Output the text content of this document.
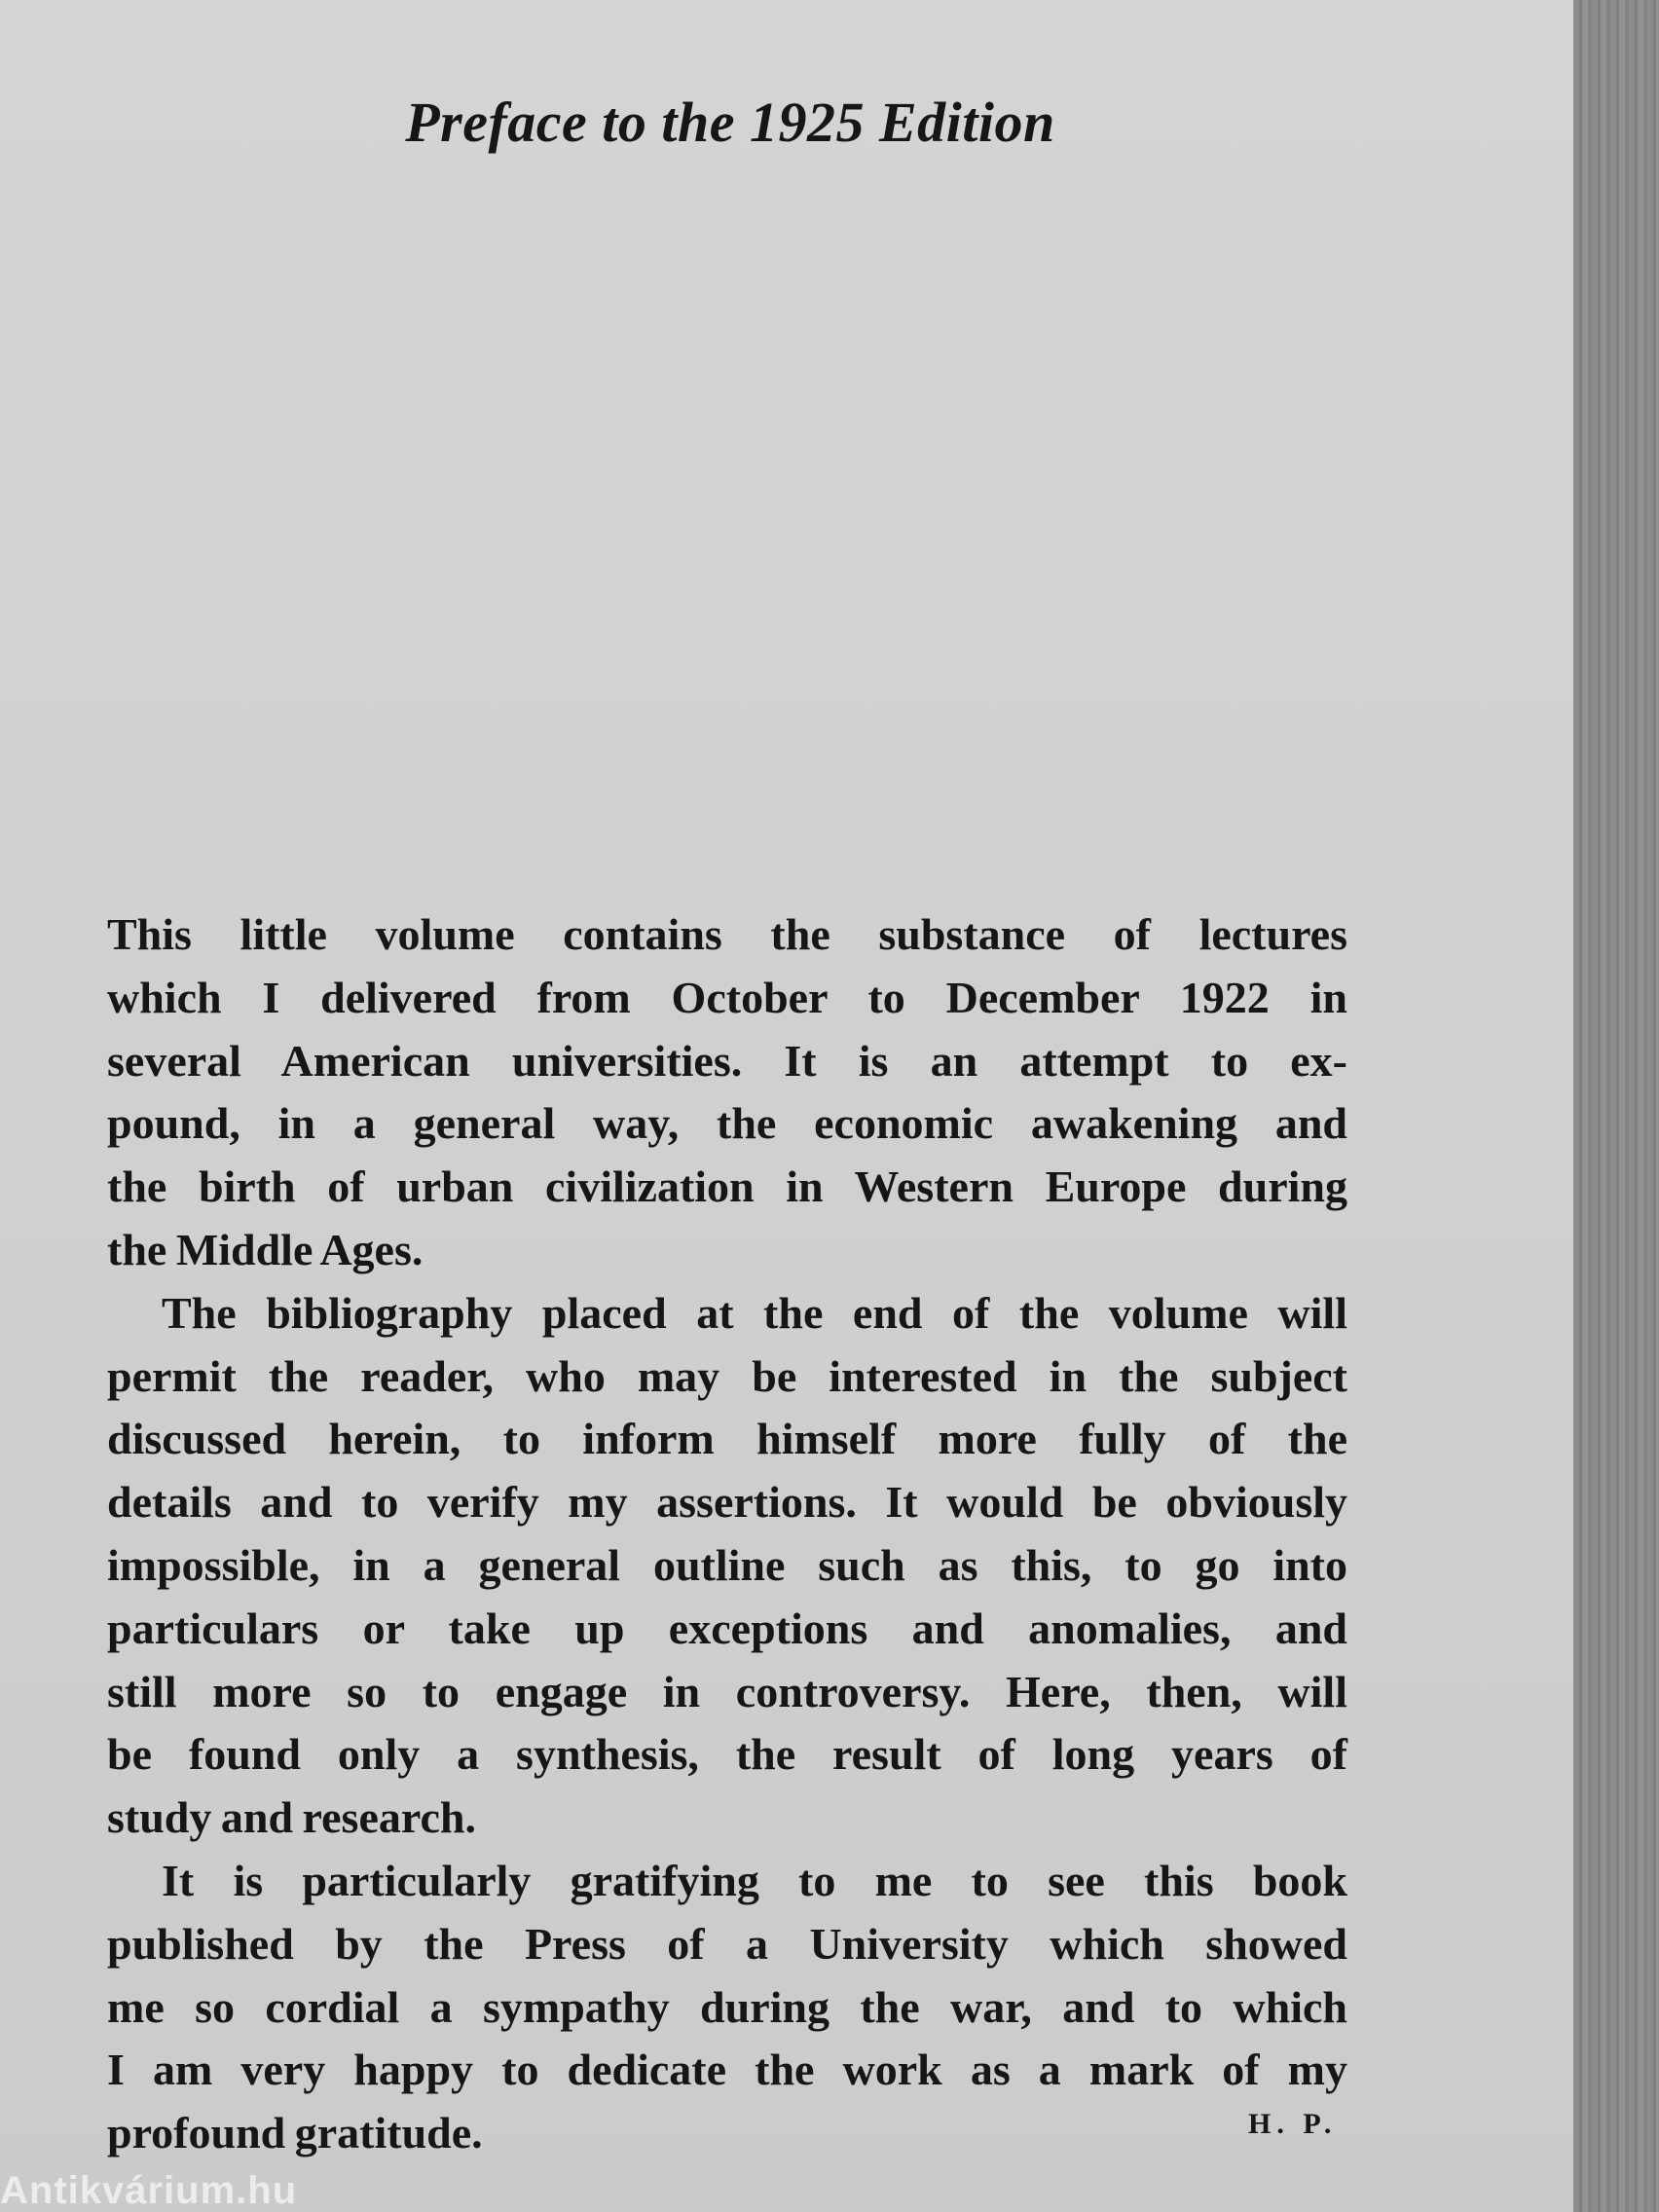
Preface to the 1925 Edition
This little volume contains the substance of lectures
which I delivered from October to December 1922 in
several American universities. It is an attempt to ex-
pound, in a general way, the economic awakening and
the birth of urban civilization in Western Europe during
the Middle Ages.
The bibliography placed at the end of the volume will
permit the reader, who may be interested in the subject
discussed herein, to inform himself more fully of the
details and to verify my assertions. It would be obviously
impossible, in a general outline such as this, to go into
particulars or take up exceptions and anomalies, and
still more so to engage in controversy. Here, then, will
be found only a synthesis, the result of long years of
study and research.
It is particularly gratifying to me to see this book
published by the Press of a University which showed
me so cordial a sympathy during the war, and to which
I am very happy to dedicate the work as a mark of my
profound gratitude.	H. P.
Antikvárium.hu
